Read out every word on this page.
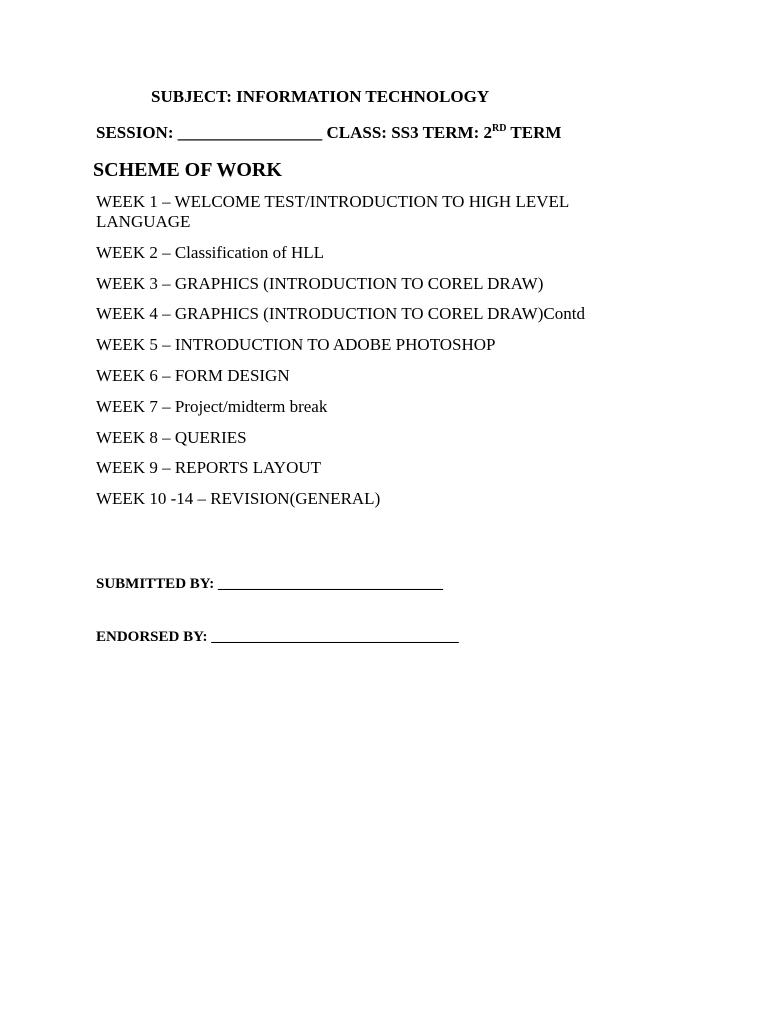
SUBJECT: INFORMATION TECHNOLOGY
SESSION: _________________ CLASS: SS3 TERM: 2RD TERM
SCHEME OF WORK
WEEK 1 – WELCOME TEST/INTRODUCTION TO HIGH LEVEL LANGUAGE
WEEK 2 – Classification of HLL
WEEK 3 – GRAPHICS (INTRODUCTION TO COREL DRAW)
WEEK 4 – GRAPHICS (INTRODUCTION TO COREL DRAW)Contd
WEEK 5 – INTRODUCTION TO ADOBE PHOTOSHOP
WEEK 6 – FORM DESIGN
WEEK 7 – Project/midterm break
WEEK 8 – QUERIES
WEEK 9 – REPORTS LAYOUT
WEEK 10 -14 – REVISION(GENERAL)
SUBMITTED BY: ______________________________
ENDORSED BY: _________________________________
